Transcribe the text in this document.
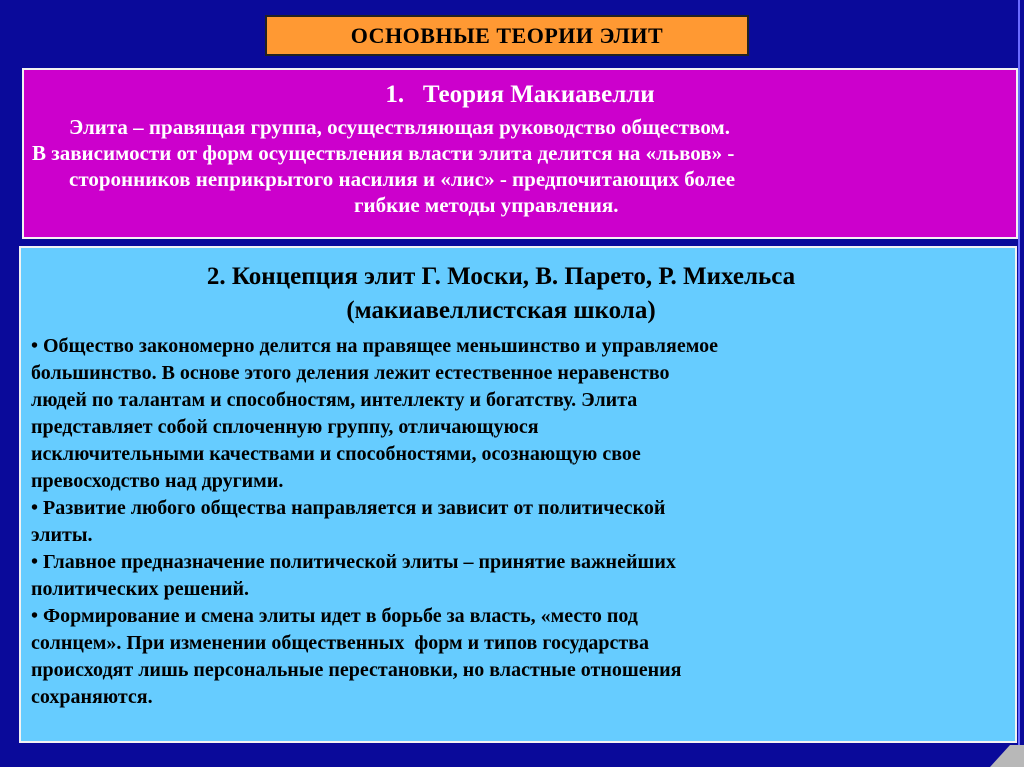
ОСНОВНЫЕ ТЕОРИИ ЭЛИТ
1.   Теория Макиавелли
Элита – правящая группа, осуществляющая руководство обществом.
В зависимости от форм осуществления власти элита делится на «львов» -
сторонников неприкрытого насилия и «лис» - предпочитающих более
гибкие методы управления.
2. Концепция элит Г. Моски, В. Парето, Р. Михельса
(макиавеллистская школа)
• Общество закономерно делится на правящее меньшинство и управляемое
большинство. В основе этого деления лежит естественное неравенство
людей по талантам и способностям, интеллекту и богатству. Элита
представляет собой сплоченную группу, отличающуюся
исключительными качествами и способностями, осознающую свое
превосходство над другими.
• Развитие любого общества направляется и зависит от политической
элиты.
• Главное предназначение политической элиты – принятие важнейших
политических решений.
• Формирование и смена элиты идет в борьбе за власть, «место под
солнцем». При изменении общественных  форм и типов государства
происходят лишь персональные перестановки, но властные отношения
сохраняются.
